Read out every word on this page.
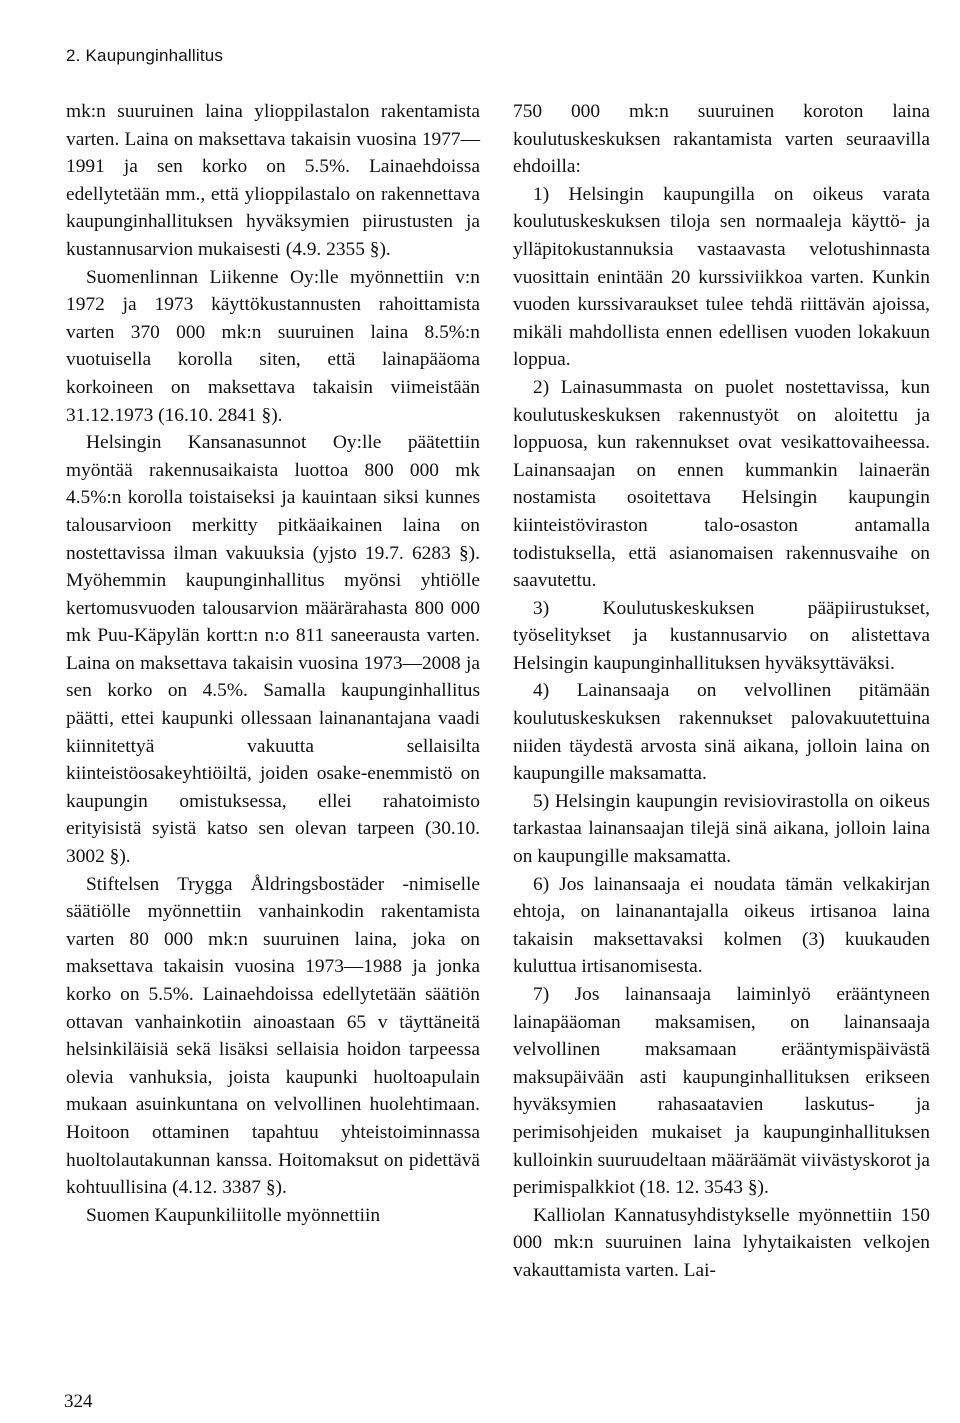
2. Kaupunginhallitus

mk:n suuruinen laina ylioppilastalon rakentamista varten. Laina on maksettava takaisin vuosina 1977—1991 ja sen korko on 5.5%. Lainaehdoissa edellytetään mm., että ylioppilastalo on rakennettava kaupunginhallituksen hyväksymien piirustusten ja kustannusarvion mukaisesti (4.9. 2355 §).

Suomenlinnan Liikenne Oy:lle myönnettiin v:n 1972 ja 1973 käyttökustannusten rahoittamista varten 370 000 mk:n suuruinen laina 8.5%:n vuotuisella korolla siten, että lainapääoma korkoineen on maksettava takaisin viimeistään 31.12.1973 (16.10. 2841 §).

Helsingin Kansanasunnot Oy:lle päätettiin myöntää rakennusaikaista luottoa 800 000 mk 4.5%:n korolla toistaiseksi ja kauintaan siksi kunnes talousarvioon merkitty pitkäaikainen laina on nostettavissa ilman vakuuksia (yjsto 19.7. 6283 §). Myöhemmin kaupunginhallitus myönsi yhtiölle kertomusvuoden talousarvion määrärahasta 800 000 mk Puu-Käpylän kortt:n n:o 811 saneerausta varten. Laina on maksettava takaisin vuosina 1973—2008 ja sen korko on 4.5%. Samalla kaupunginhallitus päätti, ettei kaupunki ollessaan lainanantajana vaadi kiinnitettyä vakuutta sellaisilta kiinteistöosakeyhtiöiltä, joiden osake-enemmistö on kaupungin omistuksessa, ellei rahatoimisto erityisistä syistä katso sen olevan tarpeen (30.10. 3002 §).

Stiftelsen Trygga Åldringsbostäder -nimiselle säätiölle myönnettiin vanhainkodin rakentamista varten 80 000 mk:n suuruinen laina, joka on maksettava takaisin vuosina 1973—1988 ja jonka korko on 5.5%. Lainaehdoissa edellytetään säätiön ottavan vanhainkotiin ainoastaan 65 v täyttäneitä helsinkiläisiä sekä lisäksi sellaisia hoidon tarpeessa olevia vanhuksia, joista kaupunki huoltoapulain mukaan asuinkuntana on velvollinen huolehtimaan. Hoitoon ottaminen tapahtuu yhteistoiminnassa huoltolautakunnan kanssa. Hoitomaksut on pidettävä kohtuullisina (4.12. 3387 §).

Suomen Kaupunkiliitolle myönnettiin

750 000 mk:n suuruinen koroton laina koulutuskeskuksen rakantamista varten seuraavilla ehdoilla:

1) Helsingin kaupungilla on oikeus varata koulutuskeskuksen tiloja sen normaaleja käyttö- ja ylläpitokustannuksia vastaavasta velotushinnasta vuosittain enintään 20 kurssiviikkoa varten. Kunkin vuoden kurssivaraukset tulee tehdä riittävän ajoissa, mikäli mahdollista ennen edellisen vuoden lokakuun loppua.

2) Lainasummasta on puolet nostettavissa, kun koulutuskeskuksen rakennustyöt on aloitettu ja loppuosa, kun rakennukset ovat vesikattovaiheessa. Lainansaajan on ennen kummankin lainaerän nostamista osoitettava Helsingin kaupungin kiinteistöviraston talo-osaston antamalla todistuksella, että asianomaisen rakennusvaihe on saavutettu.

3) Koulutuskeskuksen pääpiirustukset, työselitykset ja kustannusarvio on alistettava Helsingin kaupunginhallituksen hyväksyttäväksi.

4) Lainansaaja on velvollinen pitämään koulutuskeskuksen rakennukset palovakuutettuina niiden täydestä arvosta sinä aikana, jolloin laina on kaupungille maksamatta.

5) Helsingin kaupungin revisiovirastolla on oikeus tarkastaa lainansaajan tilejä sinä aikana, jolloin laina on kaupungille maksamatta.

6) Jos lainansaaja ei noudata tämän velkakirjan ehtoja, on lainanantajalla oikeus irtisanoa laina takaisin maksettavaksi kolmen (3) kuukauden kuluttua irtisanomisesta.

7) Jos lainansaaja laiminlyö erääntyneen lainapääoman maksamisen, on lainansaaja velvollinen maksamaan erääntymispäivästä maksupäivään asti kaupunginhallituksen erikseen hyväksymien rahasaatavien laskutus- ja perimisohjeiden mukaiset ja kaupunginhallituksen kulloinkin suuruudeltaan määräämät viivästyskorot ja perimispalkkiot (18. 12. 3543 §).

Kalliolan Kannatusyhdistykselle myönnettiin 150 000 mk:n suuruinen laina lyhytaikaisten velkojen vakauttamista varten. Lai-

324
